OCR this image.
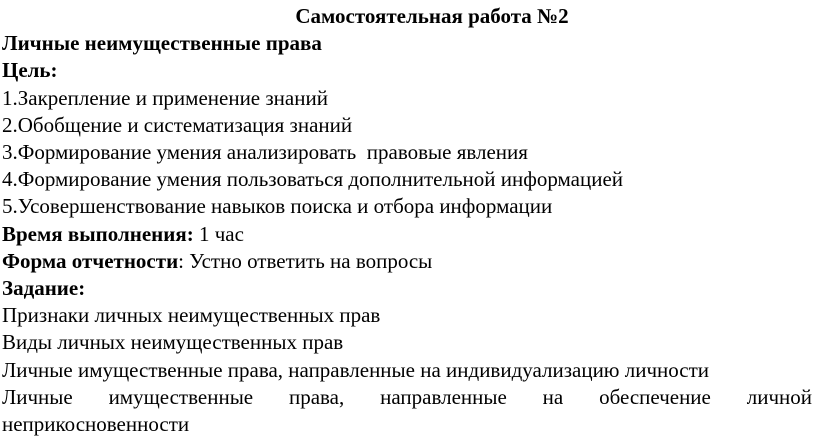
Самостоятельная работа №2

Личные неимущественные права

Цель:

1.Закрепление и применение знаний

2.Обобщение и систематизация знаний

3.Формирование умения анализировать  правовые явления

4.Формирование умения пользоваться дополнительной информацией

5.Усовершенствование навыков поиска и отбора информации

Время выполнения: 1 час

Форма отчетности: Устно ответить на вопросы

Задание:

Признаки личных неимущественных прав

Виды личных неимущественных прав

Личные имущественные права, направленные на индивидуализацию личности

Личные имущественные права, направленные на обеспечение личной

неприкосновенности
